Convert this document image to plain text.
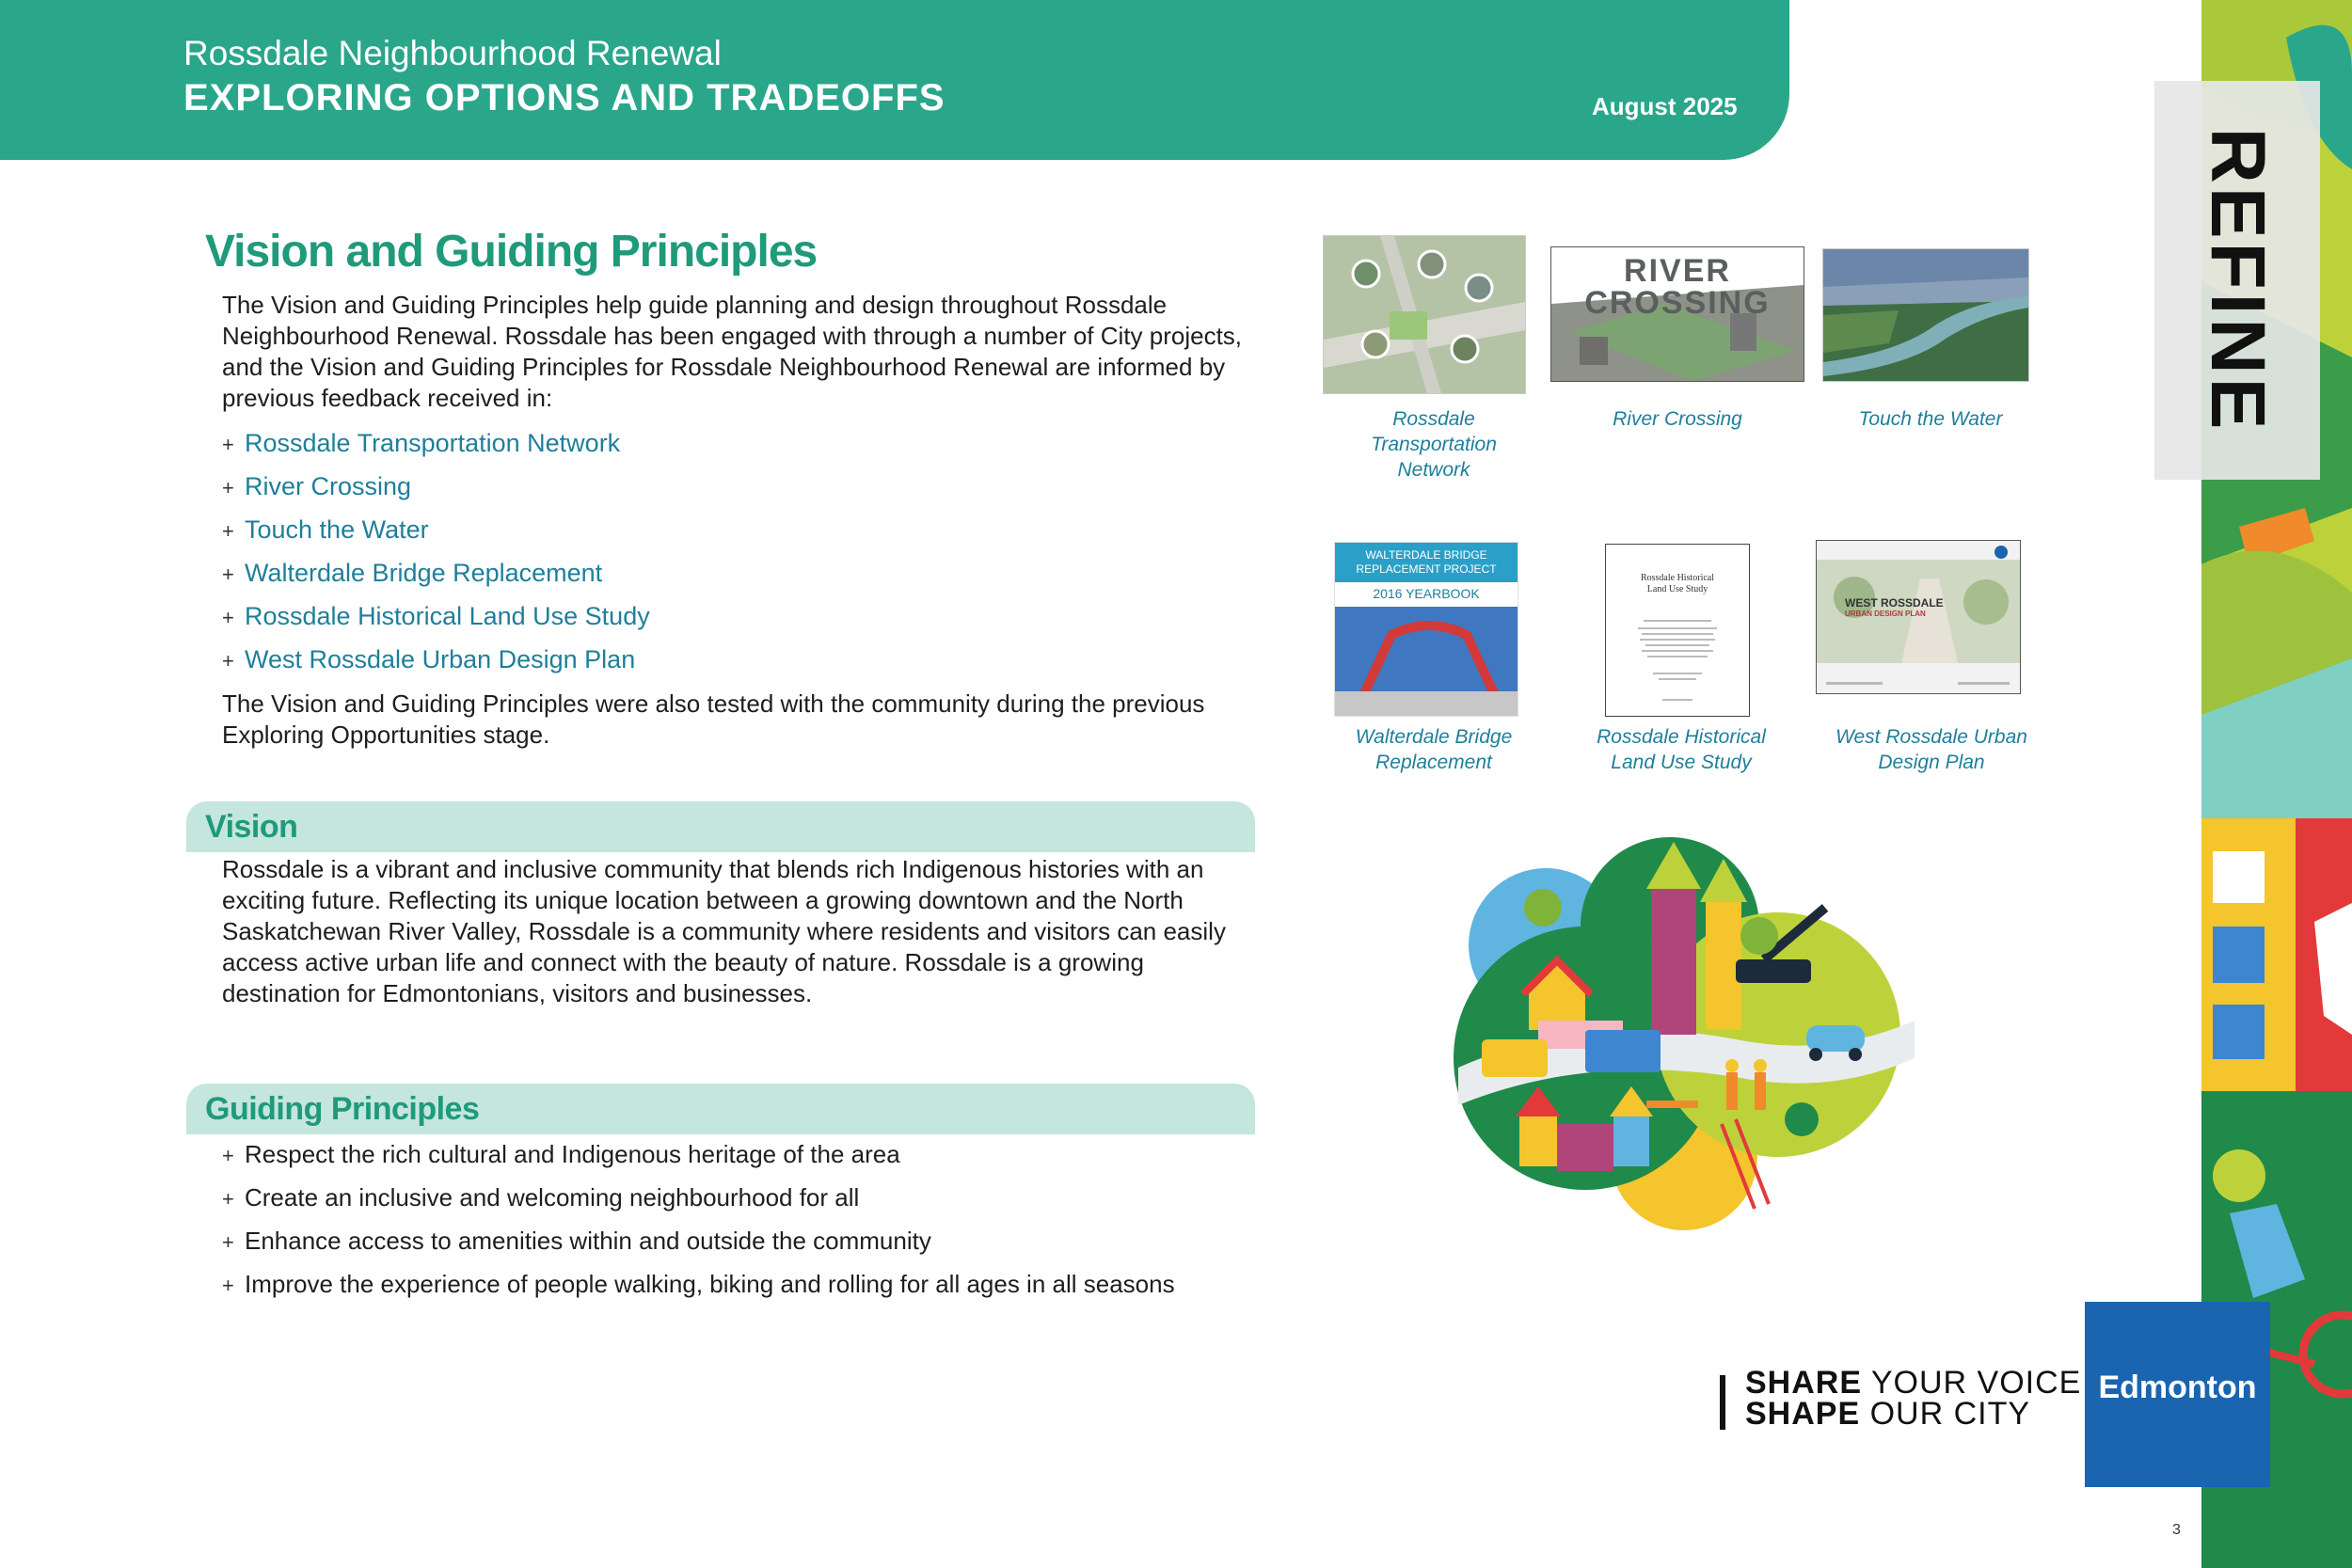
REFINE
Rossdale Neighbourhood Renewal
EXPLORING OPTIONS AND TRADEOFFS	August 2025
Vision and Guiding Principles
The Vision and Guiding Principles help guide planning and design throughout Rossdale Neighbourhood Renewal. Rossdale has been engaged with through a number of City projects, and the Vision and Guiding Principles for Rossdale Neighbourhood Renewal are informed by previous feedback received in:
+ Rossdale Transportation Network
+ River Crossing
+ Touch the Water
+ Walterdale Bridge Replacement
+ Rossdale Historical Land Use Study
+ West Rossdale Urban Design Plan
The Vision and Guiding Principles were also tested with the community during the previous Exploring Opportunities stage.
Vision
Rossdale is a vibrant and inclusive community that blends rich Indigenous histories with an exciting future. Reflecting its unique location between a growing downtown and the North Saskatchewan River Valley, Rossdale is a community where residents and visitors can easily access active urban life and connect with the beauty of nature. Rossdale is a growing destination for Edmontonians, visitors and businesses.
Guiding Principles
+ Respect the rich cultural and Indigenous heritage of the area
+ Create an inclusive and welcoming neighbourhood for all
+ Enhance access to amenities within and outside the community
+ Improve the experience of people walking, biking and rolling for all ages in all seasons
Rossdale
Transportation
Network
RIVER
CROSSING
River Crossing	Touch the Water
WALTERDALE BRIDGE
REPLACEMENT PROJECT
2016 YEARBOOK
Walterdale Bridge
Replacement
Rossdale Historical
Land Use Study
Rossdale Historical
Land Use Study
WEST ROSSDALE
URBAN DESIGN PLAN
West Rossdale Urban
Design Plan
SHARE YOUR VOICE
SHAPE OUR CITY
Edmonton
3
